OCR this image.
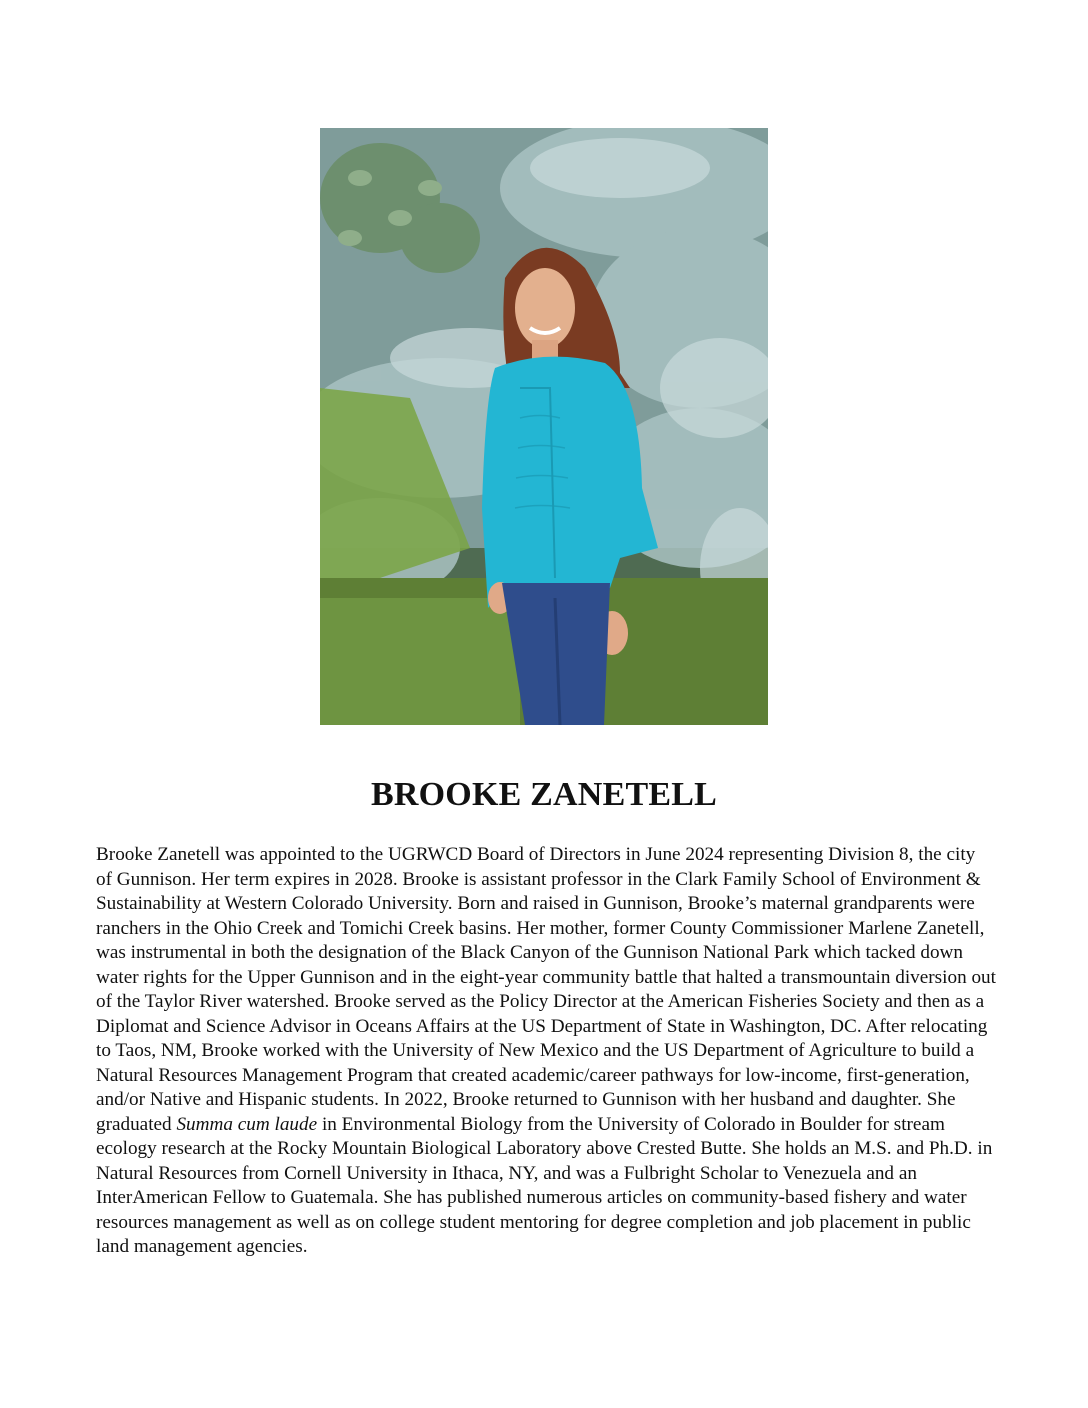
BROOKE ZANETELL

Brooke Zanetell was appointed to the UGRWCD Board of Directors in June 2024 representing Division 8, the city of Gunnison. Her term expires in 2028. Brooke is assistant professor in the Clark Family School of Environment & Sustainability at Western Colorado University. Born and raised in Gunnison, Brooke’s maternal grandparents were ranchers in the Ohio Creek and Tomichi Creek basins. Her mother, former County Commissioner Marlene Zanetell, was instrumental in both the designation of the Black Canyon of the Gunnison National Park which tacked down water rights for the Upper Gunnison and in the eight-year community battle that halted a transmountain diversion out of the Taylor River watershed. Brooke served as the Policy Director at the American Fisheries Society and then as a Diplomat and Science Advisor in Oceans Affairs at the US Department of State in Washington, DC. After relocating to Taos, NM, Brooke worked with the University of New Mexico and the US Department of Agriculture to build a Natural Resources Management Program that created academic/career pathways for low-income, first-generation, and/or Native and Hispanic students. In 2022, Brooke returned to Gunnison with her husband and daughter. She graduated Summa cum laude in Environmental Biology from the University of Colorado in Boulder for stream ecology research at the Rocky Mountain Biological Laboratory above Crested Butte. She holds an M.S. and Ph.D. in Natural Resources from Cornell University in Ithaca, NY, and was a Fulbright Scholar to Venezuela and an InterAmerican Fellow to Guatemala. She has published numerous articles on community-based fishery and water resources management as well as on college student mentoring for degree completion and job placement in public land management agencies.
